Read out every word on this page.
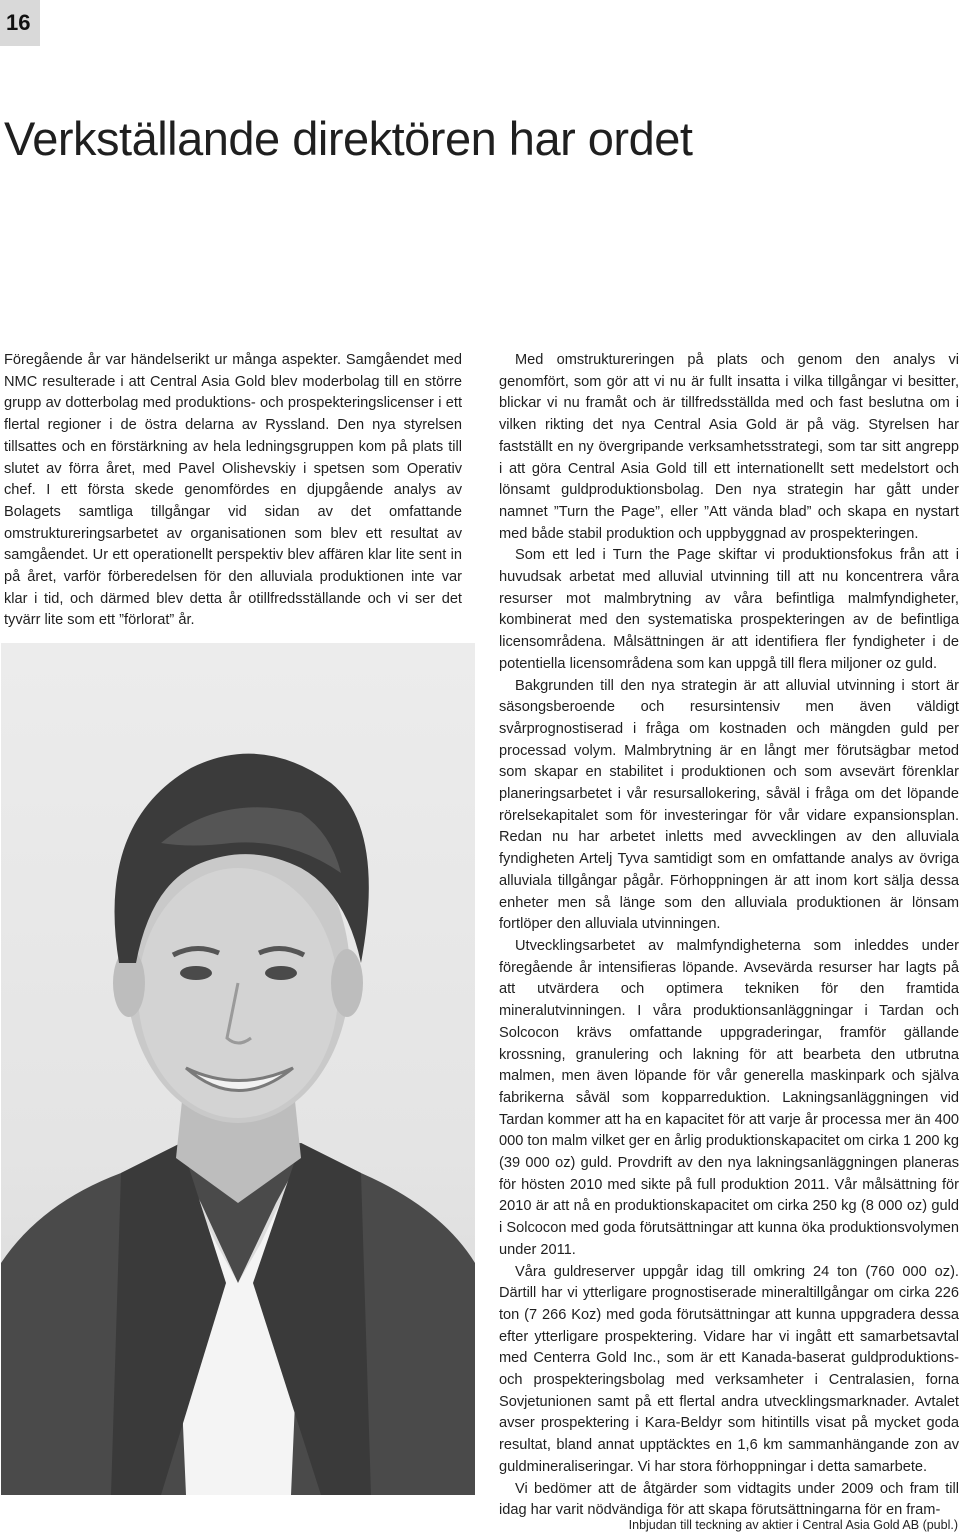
16
Verkställande direktören har ordet

Föregående år var händelserikt ur många aspekter. Samgåendet med NMC resulterade i att Central Asia Gold blev moderbolag till en större grupp av dotterbolag med produktions- och prospekteringslicenser i ett flertal regioner i de östra delarna av Ryssland. Den nya styrelsen tillsattes och en förstärkning av hela ledningsgruppen kom på plats till slutet av förra året, med Pavel Olishevskiy i spetsen som Operativ chef. I ett första skede genomfördes en djupgående analys av Bolagets samtliga tillgångar vid sidan av det omfattande omstruktureringsarbetet av organisationen som blev ett resultat av samgåendet. Ur ett operationellt perspektiv blev affären klar lite sent in på året, varför förberedelsen för den alluviala produktionen inte var klar i tid, och därmed blev detta år otillfredsställande och vi ser det tyvärr lite som ett ”förlorat” år.

Med omstruktureringen på plats och genom den analys vi genomfört, som gör att vi nu är fullt insatta i vilka tillgångar vi besitter, blickar vi nu framåt och är tillfredsställda med och fast beslutna om i vilken rikting det nya Central Asia Gold är på väg. Styrelsen har fastställt en ny övergripande verksamhetsstrategi, som tar sitt angrepp i att göra Central Asia Gold till ett internationellt sett medelstort och lönsamt guldproduktionsbolag. Den nya strategin har gått under namnet ”Turn the Page”, eller ”Att vända blad” och skapa en nystart med både stabil produktion och uppbyggnad av prospekteringen.

Som ett led i Turn the Page skiftar vi produktionsfokus från att i huvudsak arbetat med alluvial utvinning till att nu koncentrera våra resurser mot malmbrytning av våra befintliga malmfyndigheter, kombinerat med den systematiska prospekteringen av de befintliga licensområdena. Målsättningen är att identifiera fler fyndigheter i de potentiella licensområdena som kan uppgå till flera miljoner oz guld.

Bakgrunden till den nya strategin är att alluvial utvinning i stort är säsongsberoende och resursintensiv men även väldigt svårprognostiserad i fråga om kostnaden och mängden guld per processad volym. Malmbrytning är en långt mer förutsägbar metod som skapar en stabilitet i produktionen och som avsevärt förenklar planeringsarbetet i vår resursallokering, såväl i fråga om det löpande rörelsekapitalet som för investeringar för vår vidare expansionsplan. Redan nu har arbetet inletts med avvecklingen av den alluviala fyndigheten Artelj Tyva samtidigt som en omfattande analys av övriga alluviala tillgångar pågår. Förhoppningen är att inom kort sälja dessa enheter men så länge som den alluviala produktionen är lönsam fortlöper den alluviala utvinningen.

Utvecklingsarbetet av malmfyndigheterna som inleddes under föregående år intensifieras löpande. Avsevärda resurser har lagts på att utvärdera och optimera tekniken för den framtida mineralutvinningen. I våra produktionsanläggningar i Tardan och Solcocon krävs omfattande uppgraderingar, framför gällande krossning, granulering och lakning för att bearbeta den utbrutna malmen, men även löpande för vår generella maskinpark och själva fabrikerna såväl som kopparreduktion. Lakningsanläggningen vid Tardan kommer att ha en kapacitet för att varje år processa mer än 400 000 ton malm vilket ger en årlig produktionskapacitet om cirka 1 200 kg (39 000 oz) guld. Provdrift av den nya lakningsanläggningen planeras för hösten 2010 med sikte på full produktion 2011. Vår målsättning för 2010 är att nå en produktionskapacitet om cirka 250 kg (8 000 oz) guld i Solcocon med goda förutsättningar att kunna öka produktionsvolymen under 2011.

Våra guldreserver uppgår idag till omkring 24 ton (760 000 oz). Därtill har vi ytterligare prognostiserade mineraltillgångar om cirka 226 ton (7 266 Koz) med goda förutsättningar att kunna uppgradera dessa efter ytterligare prospektering. Vidare har vi ingått ett samarbetsavtal med Centerra Gold Inc., som är ett Kanada-baserat guldproduktions- och prospekteringsbolag med verksamheter i Centralasien, forna Sovjetunionen samt på ett flertal andra utvecklingsmarknader. Avtalet avser prospektering i Kara-Beldyr som hitintills visat på mycket goda resultat, bland annat upptäcktes en 1,6 km sammanhängande zon av guldmineraliseringar. Vi har stora förhoppningar i detta samarbete.

Vi bedömer att de åtgärder som vidtagits under 2009 och fram till idag har varit nödvändiga för att skapa förutsättningarna för en fram-

Inbjudan till teckning av aktier i Central Asia Gold AB (publ.)
